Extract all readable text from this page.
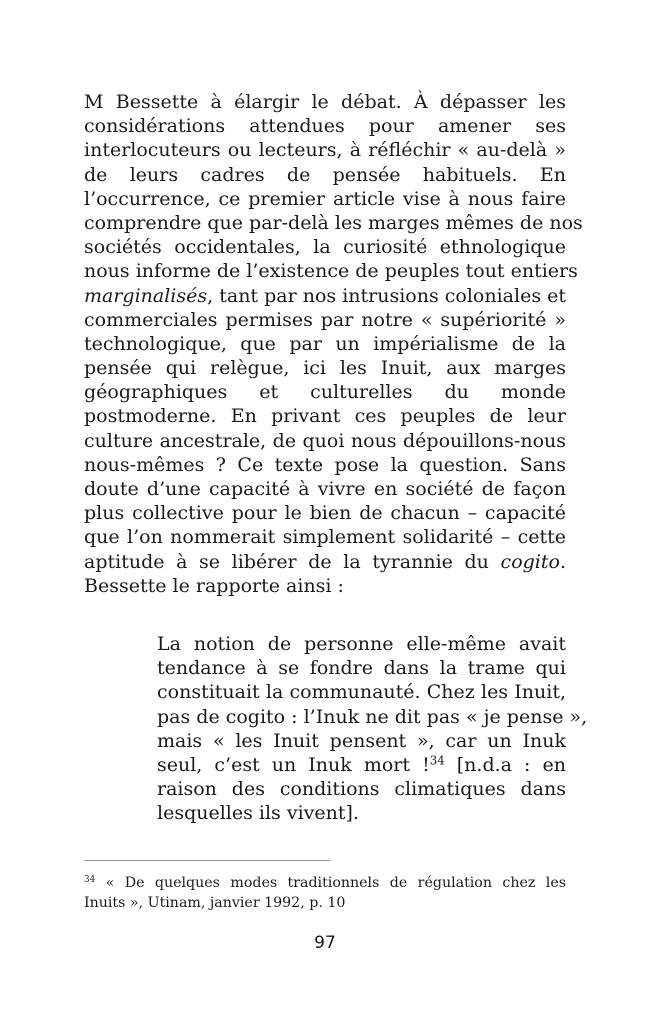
M Bessette à élargir le débat. À dépasser les
considérations attendues pour amener ses
interlocuteurs ou lecteurs, à réfléchir « au-delà »
de leurs cadres de pensée habituels. En
l’occurrence, ce premier article vise à nous faire
comprendre que par-delà les marges mêmes de nos
sociétés occidentales, la curiosité ethnologique
nous informe de l’existence de peuples tout entiers
marginalisés, tant par nos intrusions coloniales et
commerciales permises par notre « supériorité »
technologique, que par un impérialisme de la
pensée qui relègue, ici les Inuit, aux marges
géographiques et culturelles du monde
postmoderne. En privant ces peuples de leur
culture ancestrale, de quoi nous dépouillons-nous
nous-mêmes ? Ce texte pose la question. Sans
doute d’une capacité à vivre en société de façon
plus collective pour le bien de chacun – capacité
que l’on nommerait simplement solidarité – cette
aptitude à se libérer de la tyrannie du cogito.
Bessette le rapporte ainsi :
La notion de personne elle-même avait
tendance à se fondre dans la trame qui
constituait la communauté. Chez les Inuit,
pas de cogito : l’Inuk ne dit pas « je pense »,
mais « les Inuit pensent », car un Inuk
seul, c’est un Inuk mort !$^{34}$ [n.d.a : en
raison des conditions climatiques dans
lesquelles ils vivent].
$^{34}$ « De quelques modes traditionnels de régulation chez les
Inuits », Utinam, janvier 1992, p. 10
97
